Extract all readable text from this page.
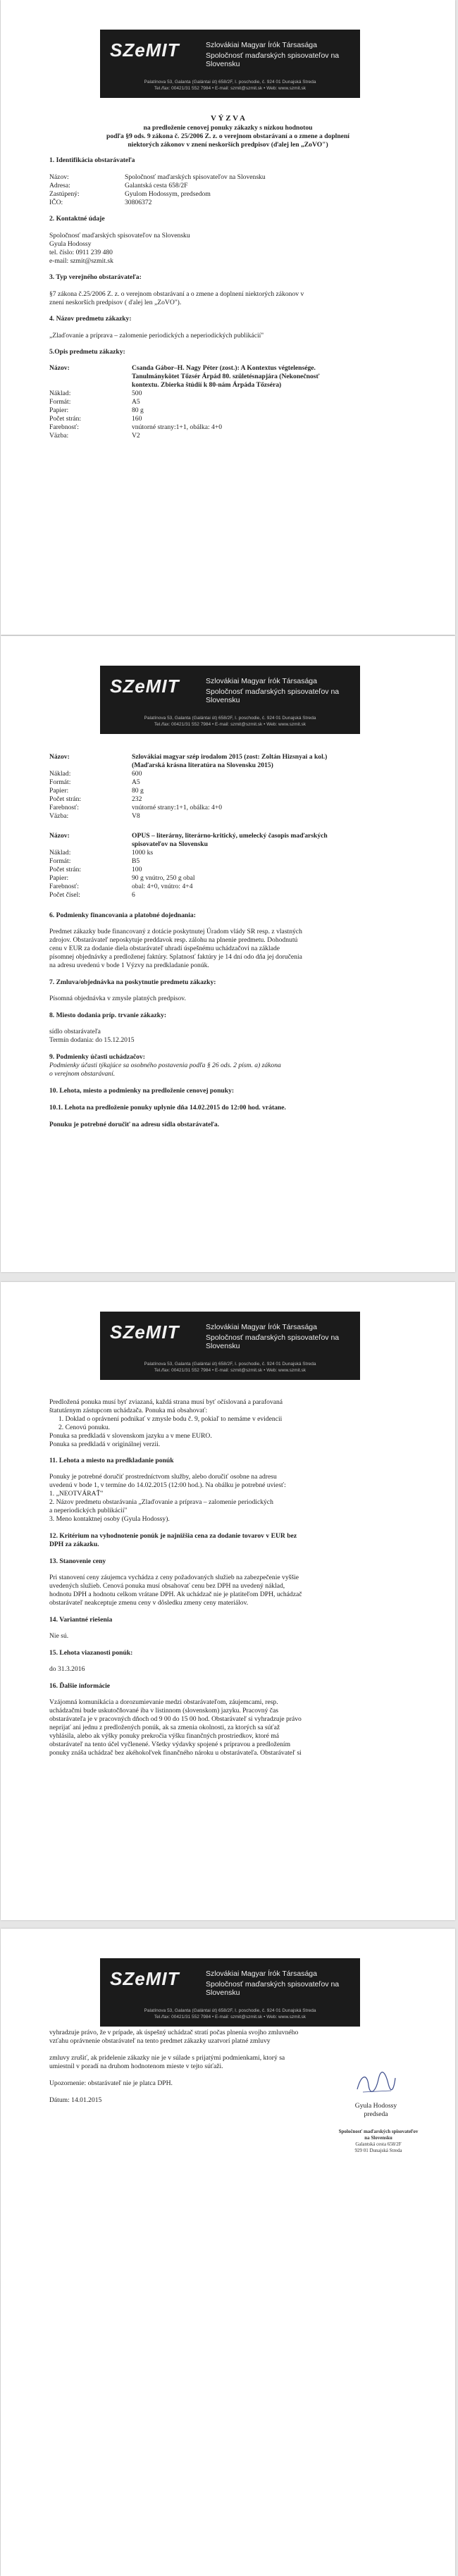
SZeMIT	Szlovákiai Magyar Írók Társasága
Spoločnosť maďarských spisovateľov na Slovensku
Palatínova 53, Galanta (Galántai út) 658/2F, I. poschodie, č. 924 01 Dunajská Streda
Tel./fax: 00421/31 552 7984 • E-mail: szmit@szmit.sk • Web: www.szmit.sk
V Ý Z V A
na predloženie cenovej ponuky zákazky s nízkou hodnotou
podľa §9 ods. 9 zákona č. 25/2006 Z. z. o verejnom obstarávaní a o zmene a doplnení
niektorých zákonov v znení neskorších predpisov (ďalej len „ZoVO")
1. Identifikácia obstarávateľa
Názov:	Spoločnosť maďarských spisovateľov na Slovensku
Adresa:	Galantská cesta 658/2F
Zastúpený:	Gyulom Hodossym, predsedom
IČO:	30806372
2. Kontaktné údaje
Spoločnosť maďarských spisovateľov na Slovensku
Gyula Hodossy
tel. číslo: 0911 239 480
e-mail: szmit@szmit.sk
3. Typ verejného obstarávateľa:
§7 zákona č.25/2006 Z. z. o verejnom obstarávaní a o zmene a doplnení niektorých zákonov v
znení neskorších predpisov ( ďalej len „ZoVO").
4. Názov predmetu zákazky:
„Zlaďovanie a príprava – zalomenie periodických a neperiodických publikácií"
5.Opis predmetu zákazky:
Názov:	Csanda Gábor–H. Nagy Péter (zost.): A Kontextus végtelensége.
Tanulmánykötet Tőzsér Árpád 80. születésnapjára (Nekonečnosť
kontextu. Zbierka štúdií k 80-nám Árpáda Tőzséra)
Náklad:	500
Formát:	A5
Papier:	80 g
Počet strán:	160
Farebnosť:	vnútorné strany:1+1, obálka: 4+0
Väzba:	V2
SZeMIT	Szlovákiai Magyar Írók Társasága
Spoločnosť maďarských spisovateľov na Slovensku
Palatínova 53, Galanta (Galántai út) 658/2F, I. poschodie, č. 924 01 Dunajská Streda
Tel./fax: 00421/31 552 7984 • E-mail: szmit@szmit.sk • Web: www.szmit.sk
Názov:	Szlovákiai magyar szép irodalom 2015 (zost: Zoltán Hizsnyai a kol.)
(Maďarská krásna literatúra na Slovensku 2015)
Náklad:	600
Formát:	A5
Papier:	80 g
Počet strán:	232
Farebnosť:	vnútorné strany:1+1, obálka: 4+0
Väzba:	V8
Názov:	OPUS – literárny, literárno-kritický, umelecký časopis maďarských
spisovateľov na Slovensku
Náklad:	1000 ks
Formát:	B5
Počet strán:	100
Papier:	90 g vnútro, 250 g obal
Farebnosť:	obal: 4+0, vnútro: 4+4
Počet čísel:	6
6. Podmienky financovania a platobné dojednania:
Predmet zákazky bude financovaný z dotácie poskytnutej Úradom vlády SR resp. z vlastných
zdrojov. Obstarávateľ neposkytuje preddavok resp. zálohu na plnenie predmetu. Dohodnutú
cenu v EUR za dodanie diela obstarávateľ uhradí úspešnému uchádzačovi na základe
písomnej objednávky a predloženej faktúry. Splatnosť faktúry je 14 dní odo dňa jej doručenia
na adresu uvedenú v bode 1 Výzvy na predkladanie ponúk.
7. Zmluva/objednávka na poskytnutie predmetu zákazky:
Písomná objednávka v zmysle platných predpisov.
8. Miesto dodania príp. trvanie zákazky:
sídlo obstarávateľa
Termín dodania: do 15.12.2015
9. Podmienky účasti uchádzačov:
Podmienky účasti týkajúce sa osobného postavenia podľa § 26 ods. 2 písm. a) zákona
o verejnom obstarávaní.
10. Lehota, miesto a podmienky na predloženie cenovej ponuky:
10.1. Lehota na predloženie ponuky uplynie dňa 14.02.2015 do 12:00 hod. vrátane.
Ponuku je potrebné doručiť na adresu sídla obstarávateľa.
SZeMIT	Szlovákiai Magyar Írók Társasága
Spoločnosť maďarských spisovateľov na Slovensku
Palatínova 53, Galanta (Galántai út) 658/2F, I. poschodie, č. 924 01 Dunajská Streda
Tel./fax: 00421/31 552 7984 • E-mail: szmit@szmit.sk • Web: www.szmit.sk
Predložená ponuka musí byť zviazaná, každá strana musí byť očíslovaná a parafovaná
štatutárnym zástupcom uchádzača. Ponuka má obsahovať:
1. Doklad o oprávnení podnikať v zmysle bodu č. 9, pokiaľ to nemáme v evidencii
2. Cenovú ponuku.
Ponuka sa predkladá v slovenskom jazyku a v mene EURO.
Ponuka sa predkladá v originálnej verzii.
11. Lehota a miesto na predkladanie ponúk
Ponuky je potrebné doručiť prostredníctvom služby, alebo doručiť osobne na adresu
uvedenú v bode 1, v termíne do 14.02.2015 (12:00 hod.). Na obálku je potrebné uviesť:
1. „NEOTVÁRAŤ"
2. Názov predmetu obstarávania „Zlaďovanie a príprava – zalomenie periodických
a neperiodických publikácií"
3. Meno kontaktnej osoby (Gyula Hodossy).
12. Kritérium na vyhodnotenie ponúk je najnižšia cena za dodanie tovarov v EUR bez
DPH za zákazku.
13. Stanovenie ceny
Pri stanovení ceny záujemca vychádza z ceny požadovaných služieb na zabezpečenie vyššie
uvedených služieb. Cenová ponuka musí obsahovať cenu bez DPH na uvedený náklad,
hodnotu DPH a hodnotu celkom vrátane DPH. Ak uchádzač nie je platiteľom DPH, uchádzač
obstarávateľ neakceptuje zmenu ceny v dôsledku zmeny ceny materiálov.
14. Variantné riešenia
Nie sú.
15. Lehota viazanosti ponúk:
do 31.3.2016
16. Ďalšie informácie
Vzájomná komunikácia a dorozumievanie medzi obstarávateľom, záujemcami, resp.
uchádzačmi bude uskutočňované iba v listinnom (slovenskom) jazyku. Pracovný čas
obstarávateľa je v pracovných dňoch od 9 00 do 15 00 hod. Obstarávateľ si vyhradzuje právo
neprijať ani jednu z predložených ponúk, ak sa zmenia okolnosti, za ktorých sa súťaž
vyhlásila, alebo ak výšky ponuky prekročia výšku finančných prostriedkov, ktoré má
obstarávateľ na tento účel vyčlenené. Všetky výdavky spojené s prípravou a predložením
ponuky znáša uchádzač bez akéhokoľvek finančného nároku u obstarávateľa. Obstarávateľ si
SZeMIT	Szlovákiai Magyar Írók Társasága
Spoločnosť maďarských spisovateľov na Slovensku
Palatínova 53, Galanta (Galántai út) 658/2F, I. poschodie, č. 924 01 Dunajská Streda
Tel./fax: 00421/31 552 7984 • E-mail: szmit@szmit.sk • Web: www.szmit.sk
vyhradzuje právo, že v prípade, ak úspešný uchádzač stratí počas plnenia svojho zmluvného
vzťahu oprávnenie obstarávateľ na tento predmet zákazky uzatvorí platné zmluvy
zmluvy zrušiť, ak pridelenie zákazky nie je v súlade s prijatými podmienkami, ktorý sa
umiestnil v poradí na druhom hodnotenom mieste v tejto súťaži.
Upozornenie: obstarávateľ nie je platca DPH.
Dátum: 14.01.2015
Gyula Hodossy
predseda
Spoločnosť maďarských spisovateľov
na Slovensku
Galantská cesta 658/2F
929 01 Dunajská Streda
